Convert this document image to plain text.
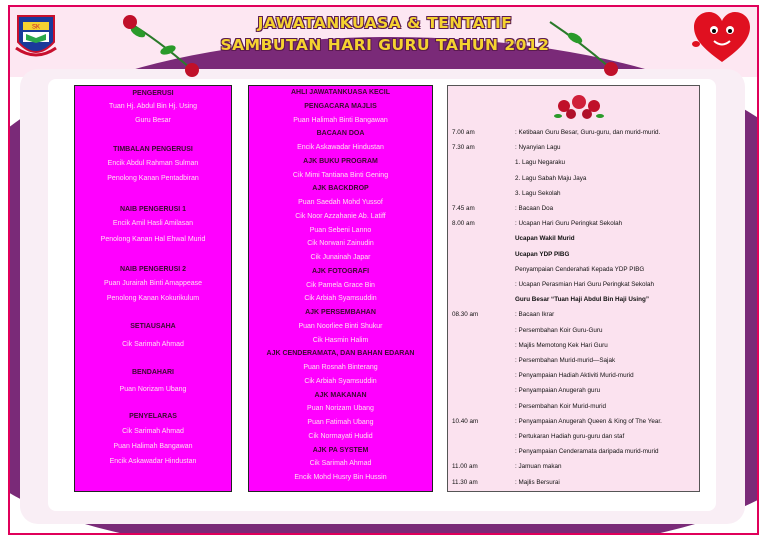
SK	JAWATANKUASA & TENTATIF
SAMBUTAN HARI GURU TAHUN 2012
PENGERUSI
Tuan Hj. Abdul Bin Hj. Using
Guru Besar
TIMBALAN PENGERUSI
Encik Abdul Rahman Sulman
Penolong Kanan Pentadbiran
NAIB PENGERUSI 1
Encik Amil Hasli Amilasan
Penolong Kanan Hal Ehwal Murid
NAIB PENGERUSI 2
Puan Jurairah Binti Amappease
Penolong Kanan Kokurikulum
SETIAUSAHA
Cik Sarimah Ahmad
BENDAHARI
Puan Norizam Ubang
PENYELARAS
Cik Sarimah Ahmad
Puan Halimah Bangawan
Encik Askawadar Hindustan
AHLI JAWATANKUASA KECIL
PENGACARA MAJLIS
Puan Halimah Binti Bangawan
BACAAN DOA
Encik Askawadar Hindustan
AJK BUKU PROGRAM
Cik Mimi Tantiana Binti Gening
AJK BACKDROP
Puan Saedah Mohd Yussof
Cik Noor Azzahanie Ab. Latiff
Puan Sebeni Lanno
Cik Norwani Zainudin
Cik Junainah Japar
AJK FOTOGRAFI
Cik Pamela Grace Bin
Cik Arbiah Syamsuddin
AJK PERSEMBAHAN
Puan Noorliee Binti Shukur
Cik Hasmin Halim
AJK CENDERAMATA, DAN BAHAN EDARAN
Puan Rosnah Binterang
Cik Arbiah Syamsuddin
AJK MAKANAN
Puan Norizam Ubang
Puan Fatimah Ubang
Cik Normayati Hudid
AJK PA SYSTEM
Cik Sarimah Ahmad
Encik Mohd Husry Bin Hussin
7.00 am	: Ketibaan Guru Besar, Guru-guru, dan murid-murid.
7.30 am	: Nyanyian Lagu
1. Lagu Negaraku
2. Lagu Sabah Maju Jaya
3. Lagu Sekolah
7.45 am	: Bacaan Doa
8.00 am	: Ucapan Hari Guru Peringkat Sekolah
Ucapan Wakil Murid
Ucapan YDP PIBG
Penyampaian Cenderahati Kepada YDP PIBG
: Ucapan Perasmian Hari Guru Peringkat Sekolah
Guru Besar “Tuan Haji Abdul Bin Haji Using”
08.30 am	: Bacaan Ikrar
: Persembahan Koir Guru-Guru
: Majlis Memotong Kek Hari Guru
: Persembahan Murid-murid—Sajak
: Penyampaian Hadiah Aktiviti Murid-murid
: Penyampaian Anugerah guru
: Persembahan Koir Murid-murid
10.40 am	: Penyampaian Anugerah Queen & King of The Year.
: Pertukaran Hadiah guru-guru dan staf
: Penyampaian Cenderamata daripada murid-murid
11.00 am	: Jamuan makan
11.30 am	: Majlis Bersurai
